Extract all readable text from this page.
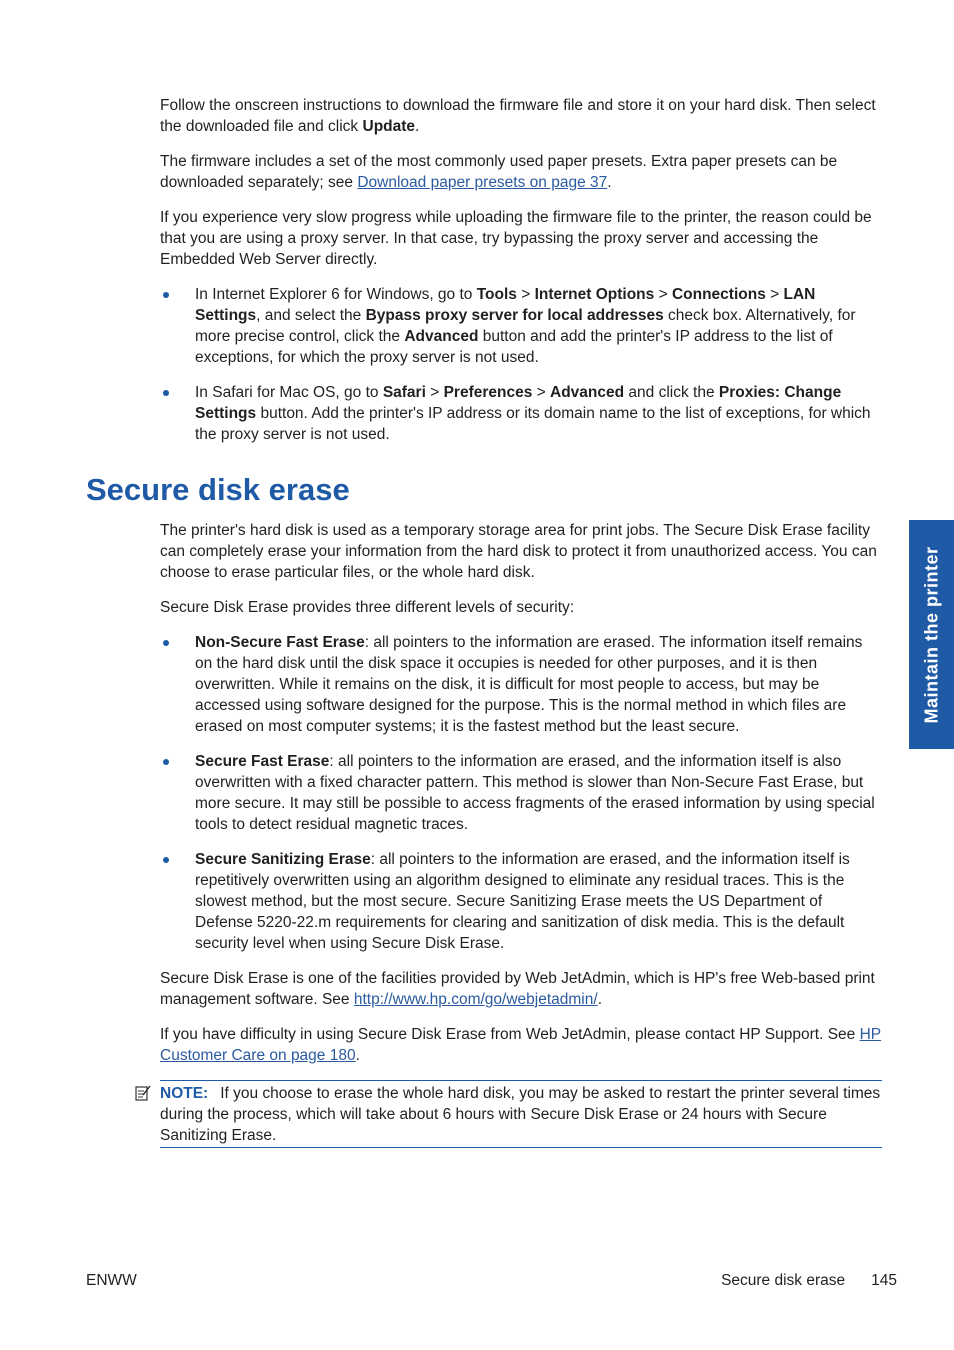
Follow the onscreen instructions to download the firmware file and store it on your hard disk. Then select the downloaded file and click Update.

The firmware includes a set of the most commonly used paper presets. Extra paper presets can be downloaded separately; see Download paper presets on page 37.

If you experience very slow progress while uploading the firmware file to the printer, the reason could be that you are using a proxy server. In that case, try bypassing the proxy server and accessing the Embedded Web Server directly.

In Internet Explorer 6 for Windows, go to Tools > Internet Options > Connections > LAN Settings, and select the Bypass proxy server for local addresses check box. Alternatively, for more precise control, click the Advanced button and add the printer's IP address to the list of exceptions, for which the proxy server is not used.
In Safari for Mac OS, go to Safari > Preferences > Advanced and click the Proxies: Change Settings button. Add the printer's IP address or its domain name to the list of exceptions, for which the proxy server is not used.
Secure disk erase

The printer's hard disk is used as a temporary storage area for print jobs. The Secure Disk Erase facility can completely erase your information from the hard disk to protect it from unauthorized access. You can choose to erase particular files, or the whole hard disk.

Secure Disk Erase provides three different levels of security:

Non-Secure Fast Erase: all pointers to the information are erased. The information itself remains on the hard disk until the disk space it occupies is needed for other purposes, and it is then overwritten. While it remains on the disk, it is difficult for most people to access, but may be accessed using software designed for the purpose. This is the normal method in which files are erased on most computer systems; it is the fastest method but the least secure.
Secure Fast Erase: all pointers to the information are erased, and the information itself is also overwritten with a fixed character pattern. This method is slower than Non-Secure Fast Erase, but more secure. It may still be possible to access fragments of the erased information by using special tools to detect residual magnetic traces.
Secure Sanitizing Erase: all pointers to the information are erased, and the information itself is repetitively overwritten using an algorithm designed to eliminate any residual traces. This is the slowest method, but the most secure. Secure Sanitizing Erase meets the US Department of Defense 5220-22.m requirements for clearing and sanitization of disk media. This is the default security level when using Secure Disk Erase.

Secure Disk Erase is one of the facilities provided by Web JetAdmin, which is HP's free Web-based print management software. See http://www.hp.com/go/webjetadmin/.

If you have difficulty in using Secure Disk Erase from Web JetAdmin, please contact HP Support. See HP Customer Care on page 180.

NOTE: If you choose to erase the whole hard disk, you may be asked to restart the printer several times during the process, which will take about 6 hours with Secure Disk Erase or 24 hours with Secure Sanitizing Erase.
Maintain the printer
ENWW	Secure disk erase 145
